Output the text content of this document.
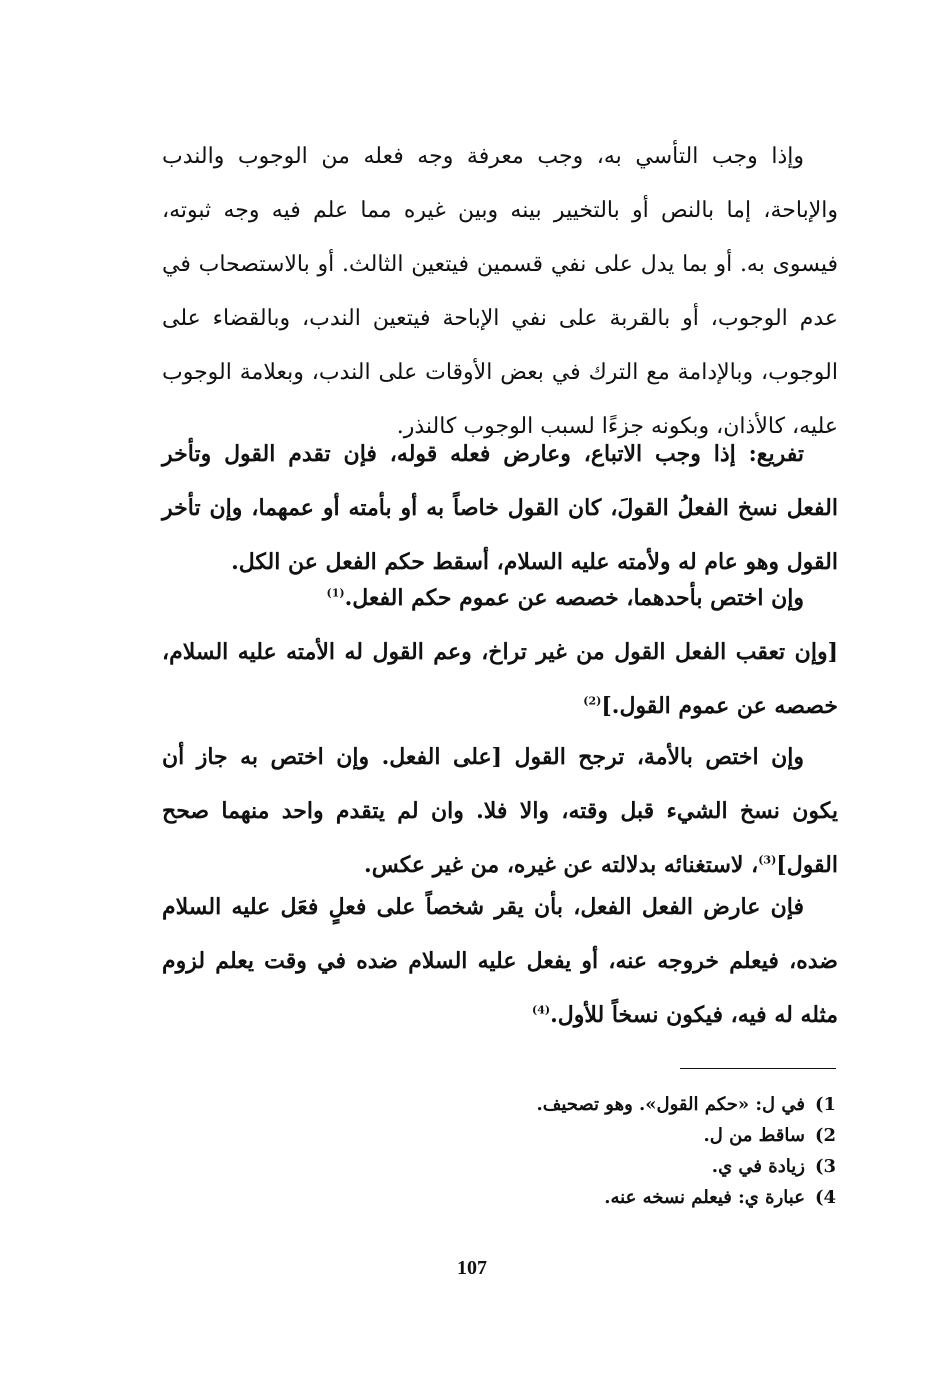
وإذا وجب التأسي به، وجب معرفة وجه فعله من الوجوب والندب والإباحة، إما بالنص أو بالتخيير بينه وبين غيره مما علم فيه وجه ثبوته، فيسوى به. أو بما يدل على نفي قسمين فيتعين الثالث. أو بالاستصحاب في عدم الوجوب، أو بالقربة على نفي الإباحة فيتعين الندب، وبالقضاء على الوجوب، وبالإدامة مع الترك في بعض الأوقات على الندب، وبعلامة الوجوب عليه، كالأذان، وبكونه جزءًا لسبب الوجوب كالنذر.

تفريع: إذا وجب الاتباع، وعارض فعله قوله، فإن تقدم القول وتأخر الفعل نسخ الفعلُ القولَ، كان القول خاصاً به أو بأمته أو عمهما، وإن تأخر القول وهو عام له ولأمته عليه السلام، أسقط حكم الفعل عن الكل.

وإن اختص بأحدهما، خصصه عن عموم حكم الفعل.$^{(1)}$

[وإن تعقب الفعل القول من غير تراخ، وعم القول له الأمته عليه السلام، خصصه عن عموم القول.]$^{(2)}$

وإن اختص بالأمة، ترجح القول [على الفعل. وإن اختص به جاز أن يكون نسخ الشيء قبل وقته، والا فلا. وان لم يتقدم واحد منهما صحح القول]$^{(3)}$، لاستغنائه بدلالته عن غيره، من غير عكس.

فإن عارض الفعل الفعل، بأن يقر شخصاً على فعلٍ فعَل عليه السلام ضده، فيعلم خروجه عنه، أو يفعل عليه السلام ضده في وقت يعلم لزوم مثله له فيه، فيكون نسخاً للأول.$^{(4)}$

1)في ل: «حكم القول». وهو تصحيف.
2)ساقط من ل.
3)زيادة في ي.
4)عبارة ي: فيعلم نسخه عنه.
107
